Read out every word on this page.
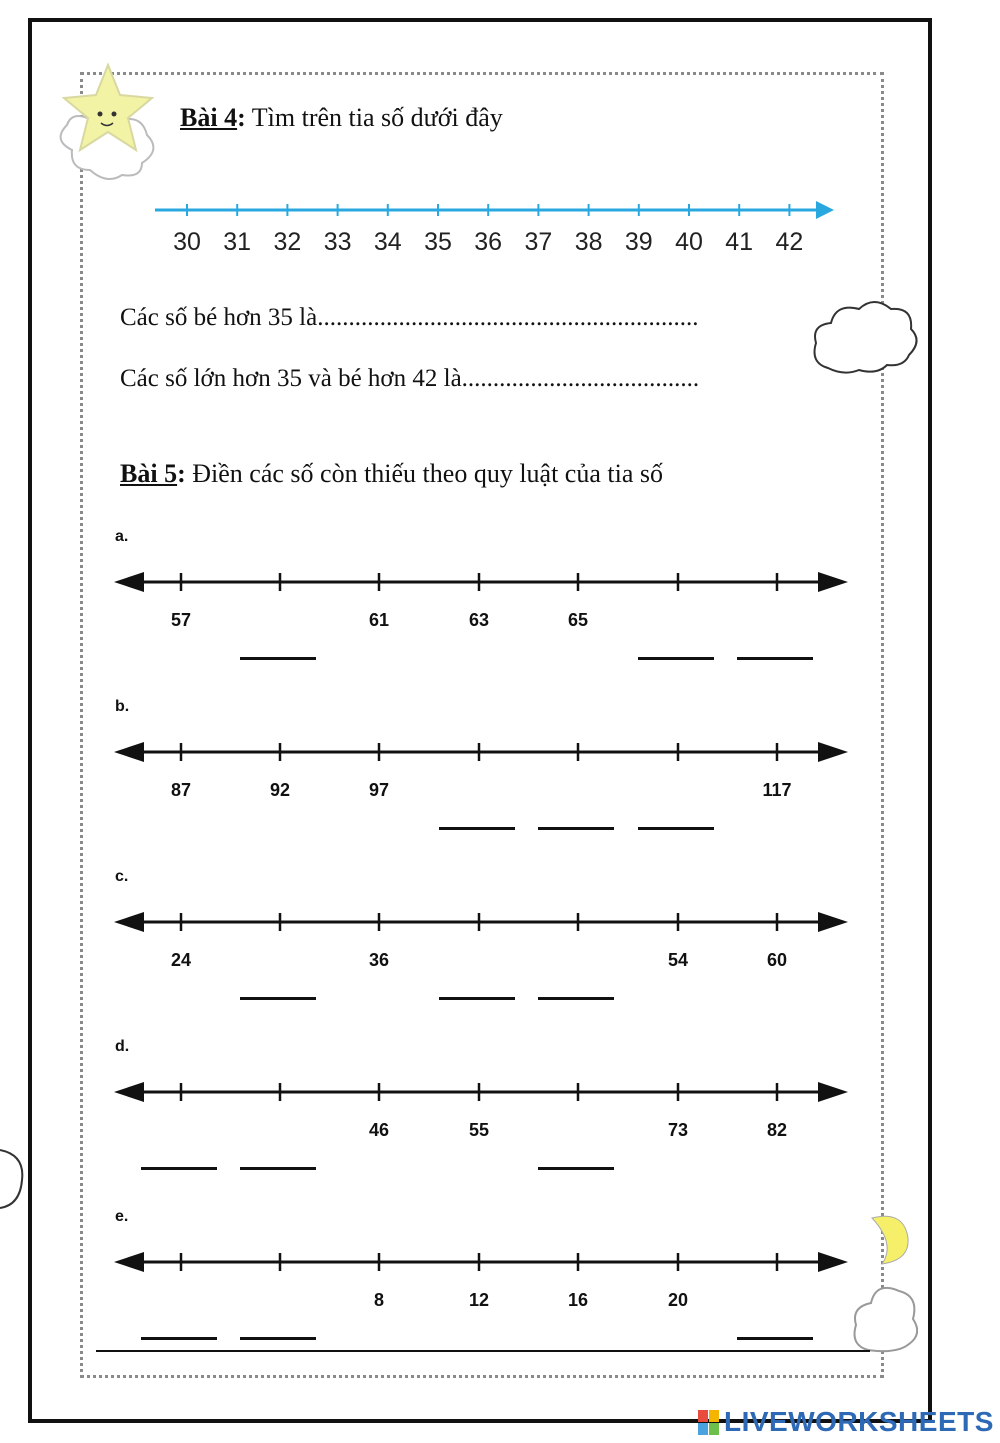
Bài 4: Tìm trên tia số dưới đây
30 31 32 33 34 35 36 37 38 39 40 41 42
Các số bé hơn 35 là.............................................................
Các số lớn hơn 35 và bé hơn 42 là......................................
Bài 5: Điền các số còn thiếu theo quy luật của tia số
a.
57	61	63	65
b.
87	92	97	117
c.
24	36	54	60
d.
46	55	73	82
e.
8	12	16	20
LIVEWORKSHEETS
